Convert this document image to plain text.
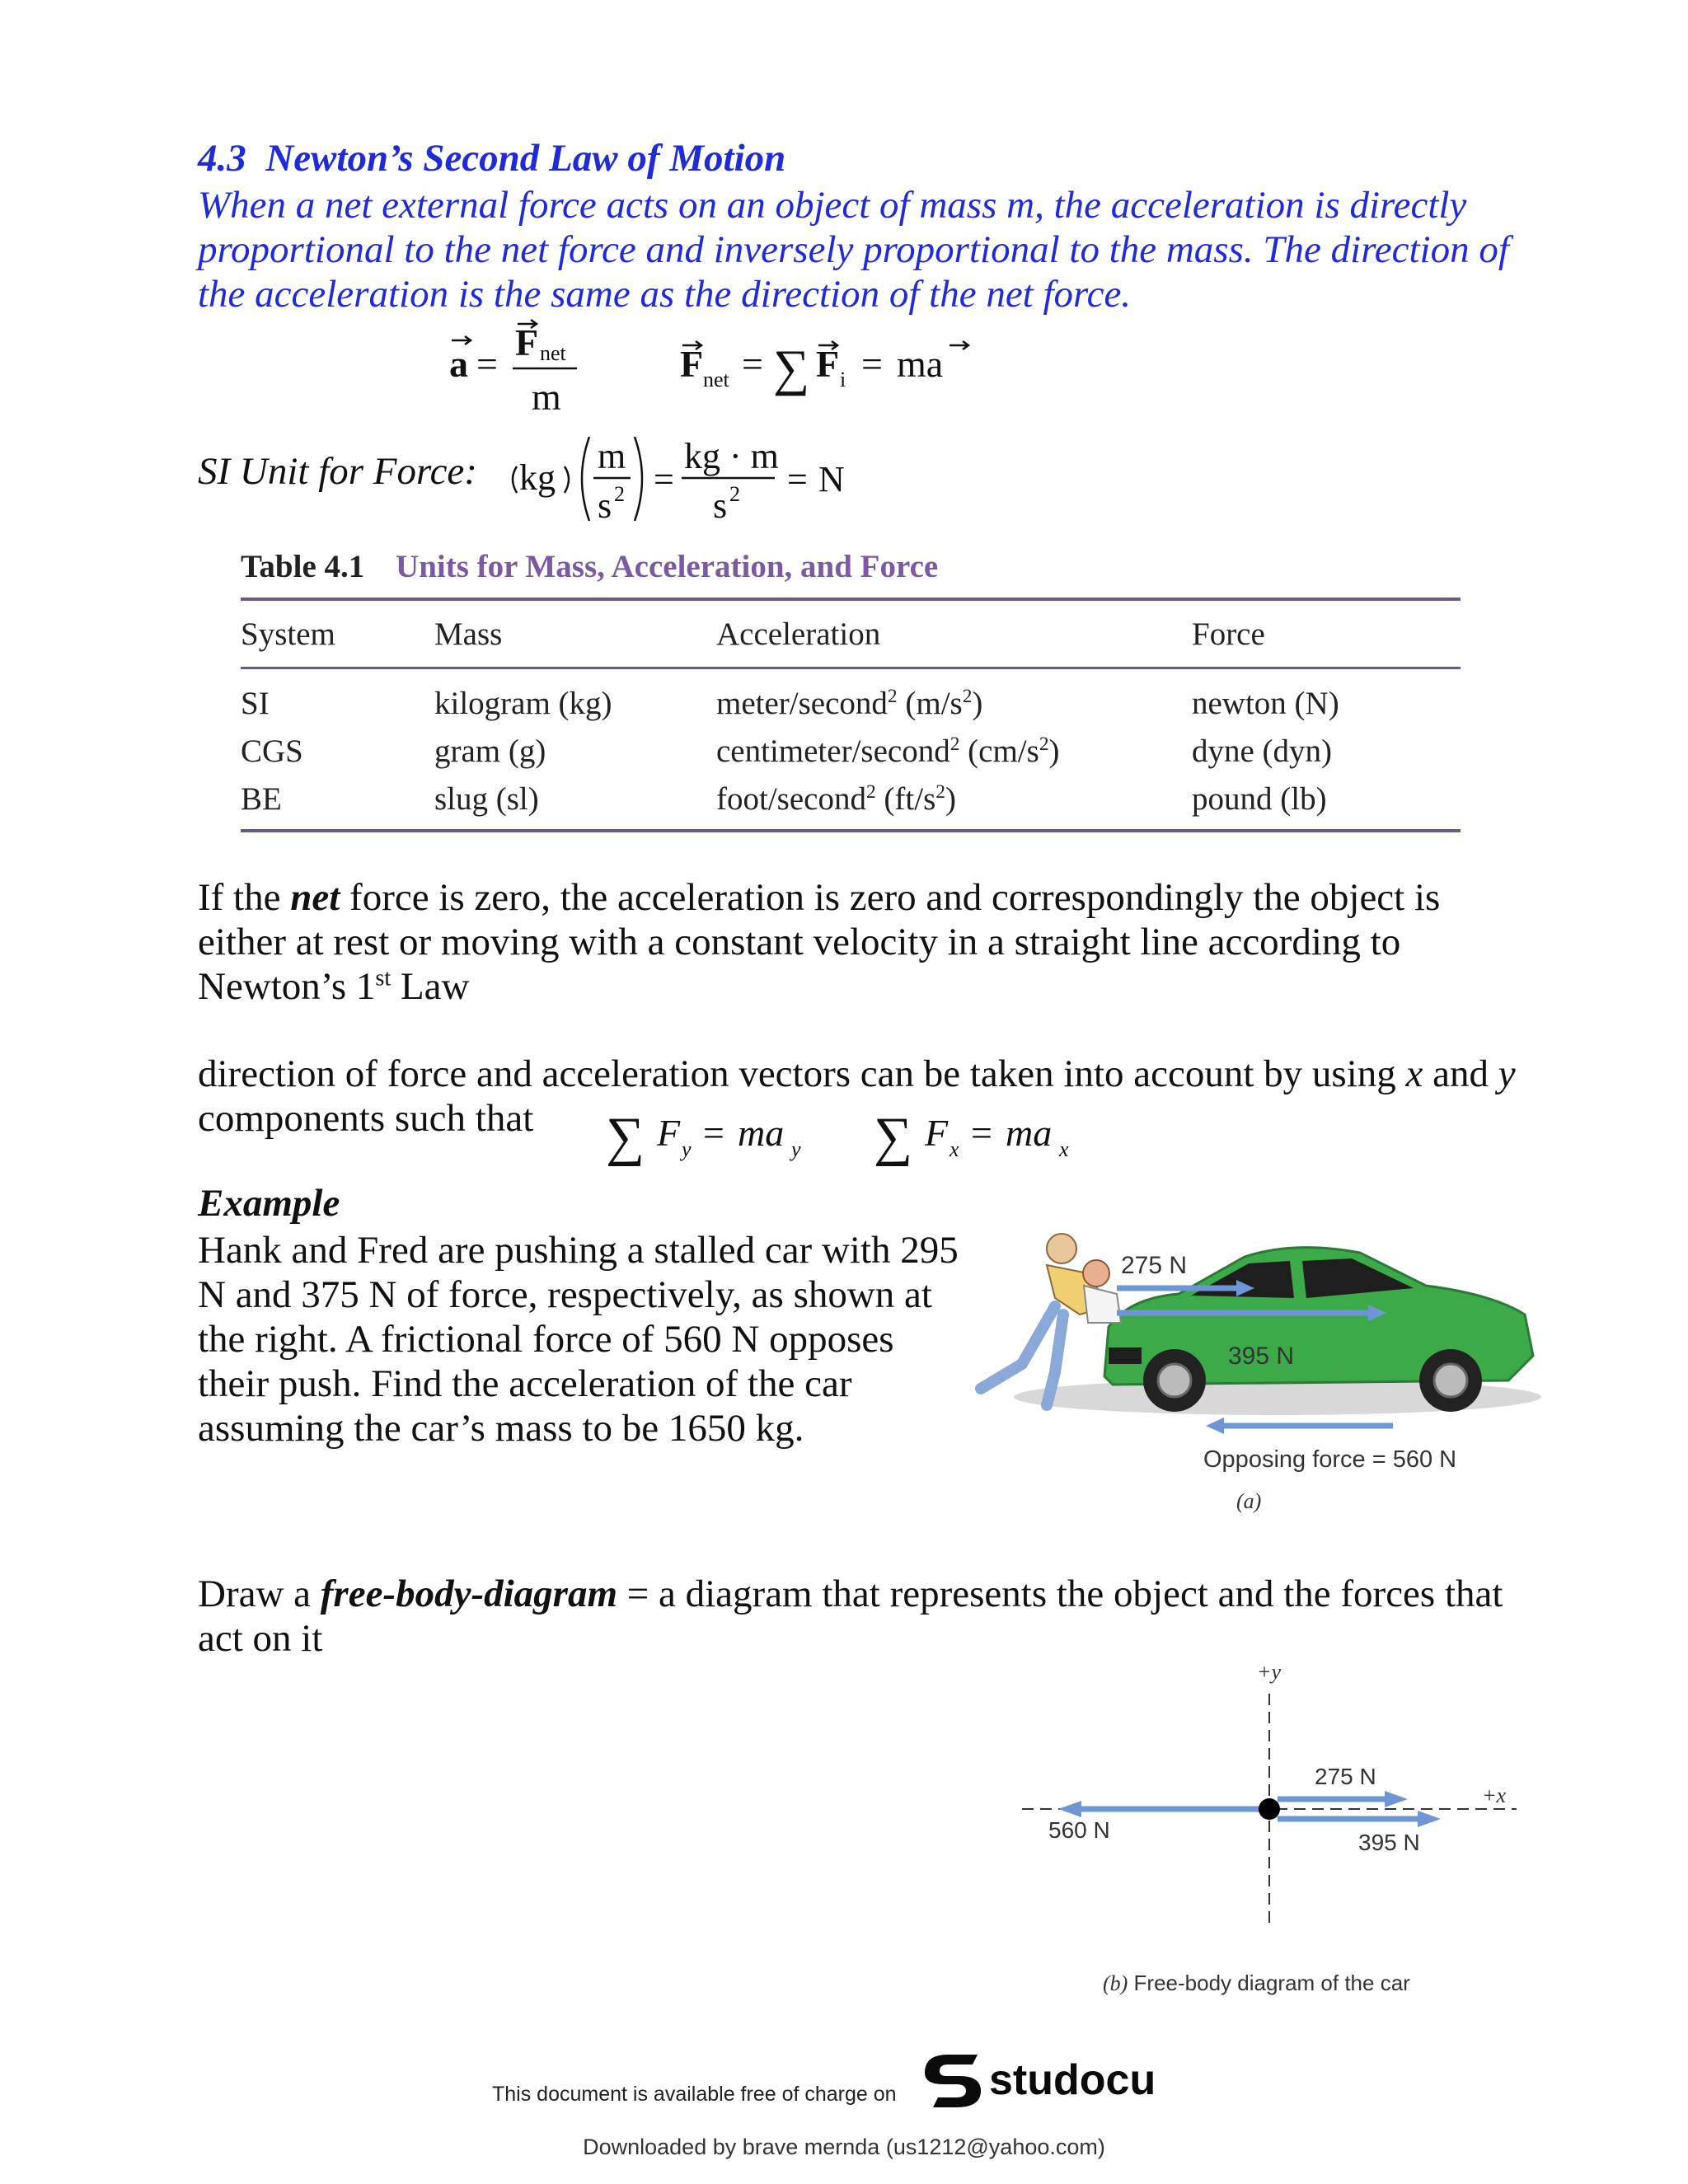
4.3 Newton’s Second Law of Motion
When a net external force acts on an object of mass m, the acceleration is directly
proportional to the net force and inversely proportional to the mass. The direction of
the acceleration is the same as the direction of the net force.
a =
F net
m
F net = ∑ F i = ma
SI Unit for Force: kg
m
s 2 =
kg · m
s 2 = N
Table 4.1 Units for Mass, Acceleration, and Force
System	Mass	Acceleration	Force
SI	kilogram (kg)	meter/second$^2$ $(m/s^2)$	newton (N)
CGS	gram (g)	centimeter/second$^2$ $(cm/s^2)$	dyne (dyn)
BE	slug (sl)	foot/second$^2$ $(ft/s^2)$	pound (lb)
If the net force is zero, the acceleration is zero and correspondingly the object is
either at rest or moving with a constant velocity in a straight line according to
Newton’s 1st Law
direction of force and acceleration vectors can be taken into account by using x and y
components such that	∑ F y = ma y ∑ F x = ma x
Example
Hank and Fred are pushing a stalled car with 295
N and 375 N of force, respectively, as shown at
the right. A frictional force of 560 N opposes
their push. Find the acceleration of the car
assuming the car’s mass to be 1650 kg.
275 N
395 N
Opposing force = 560 N
(a)
Draw a free-body-diagram = a diagram that represents the object and the forces that
act on it
+y
+x
275 N
395 N
560 N
(b) Free-body diagram of the car
This document is available free of charge on studocu
Downloaded by brave mernda (us1212@yahoo.com)
